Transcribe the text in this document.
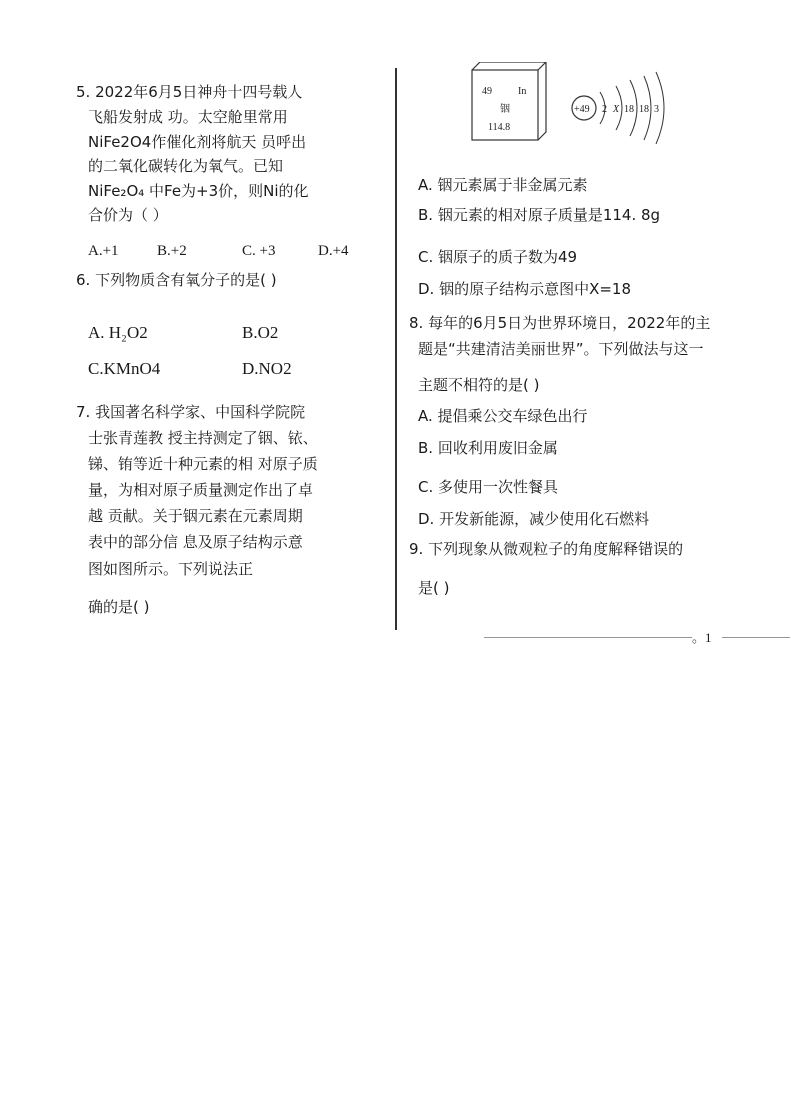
5. 2022年6月5日神舟十四号载人
飞船发射成 功。太空舱里常用
NiFe2O4作催化剂将航天 员呼出
的二氧化碳转化为氧气。已知
NiFe₂O₄ 中Fe为+3价，则Ni的化
合价为（ ）
A.+1	B.+2	C. +3	D.+4
6. 下列物质含有氧分子的是( )
A. H₂O2	B.O2
C.KMnO4	D.NO2
7. 我国著名科学家、中国科学院院
士张青莲教 授主持测定了铟、铱、
锑、铕等近十种元素的相 对原子质
量，为相对原子质量测定作出了卓
越 贡献。关于铟元素在元素周期
表中的部分信 息及原子结构示意
图如图所示。下列说法正
确的是( )
49	In
铟
114.8
+49 2 X 18 18 3
A. 铟元素属于非金属元素
B. 铟元素的相对原子质量是114. 8g
C. 铟原子的质子数为49
D. 铟的原子结构示意图中X=18
8. 每年的6月5日为世界环境日，2022年的主
题是“共建清洁美丽世界”。下列做法与这一
主题不相符的是( )
A. 提倡乘公交车绿色出行
B. 回收利用废旧金属
C. 多使用一次性餐具
D. 开发新能源，减少使用化石燃料
9. 下列现象从微观粒子的角度解释错误的
是( )
。1
